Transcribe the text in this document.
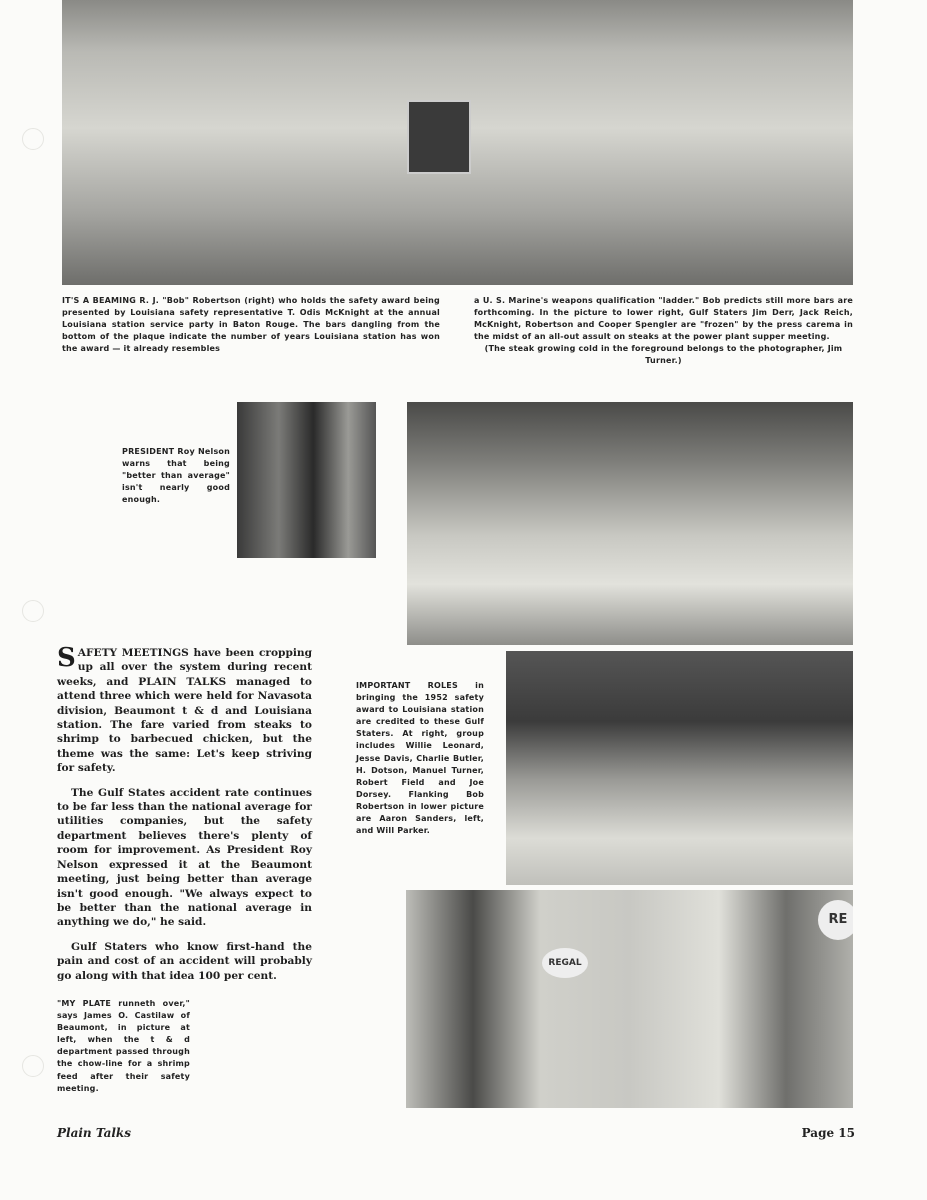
IT'S A BEAMING R. J. "Bob" Robertson (right) who holds the safety award being presented by Louisiana safety representative T. Odis McKnight at the annual Louisiana station service party in Baton Rouge. The bars dangling from the bottom of the plaque indicate the number of years Louisiana station has won the award — it already resembles
a U. S. Marine's weapons qualification "ladder." Bob predicts still more bars are forthcoming. In the picture to lower right, Gulf Staters Jim Derr, Jack Reich, McKnight, Robertson and Cooper Spengler are "frozen" by the press carema in the midst of an all-out assult on steaks at the power plant supper meeting.
(The steak growing cold in the foreground belongs to the photographer, Jim Turner.)
PRESIDENT Roy Nelson warns that being "better than average" isn't nearly good enough.

SAFETY MEETINGS have been cropping up all over the system during recent weeks, and PLAIN TALKS managed to attend three which were held for Navasota division, Beaumont t & d and Louisiana station. The fare varied from steaks to shrimp to barbecued chicken, but the theme was the same: Let's keep striving for safety.

The Gulf States accident rate continues to be far less than the national average for utilities companies, but the safety department believes there's plenty of room for improvement. As President Roy Nelson expressed it at the Beaumont meeting, just being better than average isn't good enough. "We always expect to be better than the national average in anything we do," he said.

Gulf Staters who know first-hand the pain and cost of an accident will probably go along with that idea 100 per cent.

IMPORTANT ROLES in bringing the 1952 safety award to Louisiana station are credited to these Gulf Staters. At right, group includes Willie Leonard, Jesse Davis, Charlie Butler, H. Dotson, Manuel Turner, Robert Field and Joe Dorsey. Flanking Bob Robertson in lower picture are Aaron Sanders, left, and Will Parker.
REGAL
RE
"MY PLATE runneth over," says James O. Castilaw of Beaumont, in picture at left, when the t & d department passed through the chow-line for a shrimp feed after their safety meeting.
Plain Talks	Page 15
